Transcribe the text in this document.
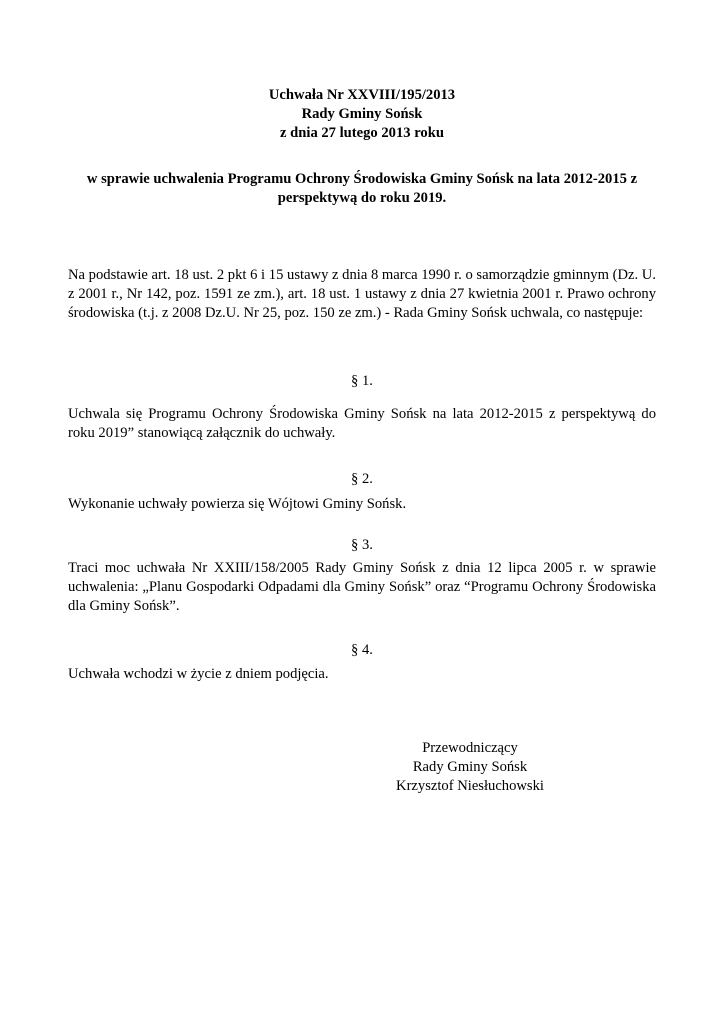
Uchwała Nr XXVIII/195/2013
Rady Gminy Sońsk
z dnia 27 lutego 2013 roku
w sprawie uchwalenia Programu Ochrony Środowiska Gminy Sońsk na lata 2012-2015 z perspektywą do roku 2019.
Na podstawie art. 18 ust. 2 pkt 6 i 15 ustawy z dnia 8 marca 1990 r. o samorządzie gminnym (Dz. U. z 2001 r., Nr 142, poz. 1591 ze zm.), art. 18 ust. 1 ustawy z dnia 27 kwietnia 2001 r. Prawo ochrony środowiska (t.j. z 2008 Dz.U. Nr 25, poz. 150 ze zm.) - Rada Gminy Sońsk uchwala, co następuje:
§ 1.
Uchwala się Programu Ochrony Środowiska Gminy Sońsk na lata 2012-2015 z perspektywą do roku 2019” stanowiącą załącznik do uchwały.
§ 2.
Wykonanie uchwały powierza się Wójtowi Gminy Sońsk.
§ 3.
Traci moc uchwała Nr XXIII/158/2005 Rady Gminy Sońsk z dnia 12 lipca 2005 r. w sprawie uchwalenia: „Planu Gospodarki Odpadami dla Gminy Sońsk” oraz “Programu Ochrony Środowiska dla Gminy Sońsk”.
§ 4.
Uchwała wchodzi w życie z dniem podjęcia.
Przewodniczący
Rady Gminy Sońsk
Krzysztof Niesłuchowski
